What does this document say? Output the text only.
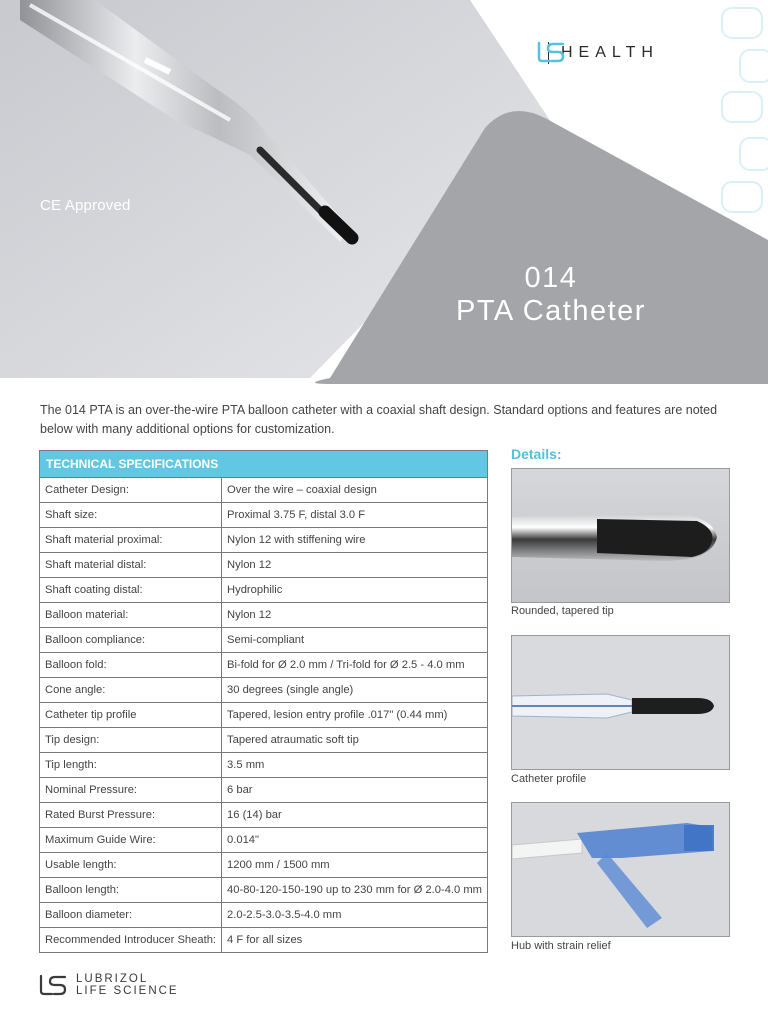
CE Approved
HEALTH
014
PTA Catheter

The 014 PTA is an over-the-wire PTA balloon catheter with a coaxial shaft design. Standard options and features are noted below with many additional options for customization.

TECHNICAL SPECIFICATIONS	
Catheter Design:	Over the wire – coaxial design
Shaft size:	Proximal 3.75 F, distal 3.0 F
Shaft material proximal:	Nylon 12 with stiffening wire
Shaft material distal:	Nylon 12
Shaft coating distal:	Hydrophilic
Balloon material:	Nylon 12
Balloon compliance:	Semi-compliant
Balloon fold:	Bi-fold for Ø 2.0 mm / Tri-fold for Ø 2.5 - 4.0 mm
Cone angle:	30 degrees (single angle)
Catheter tip profile	Tapered, lesion entry profile .017" (0.44 mm)
Tip design:	Tapered atraumatic soft tip
Tip length:	3.5 mm
Nominal Pressure:	6 bar
Rated Burst Pressure:	16 (14) bar
Maximum Guide Wire:	0.014"
Usable length:	1200 mm / 1500 mm
Balloon length:	40-80-120-150-190 up to 230 mm for Ø 2.0-4.0 mm
Balloon diameter:	2.0-2.5-3.0-3.5-4.0 mm
Recommended Introducer Sheath:	4 F for all sizes
Details:
Rounded, tapered tip
Catheter profile
Hub with strain relief
LUBRIZOL
LIFE SCIENCE
